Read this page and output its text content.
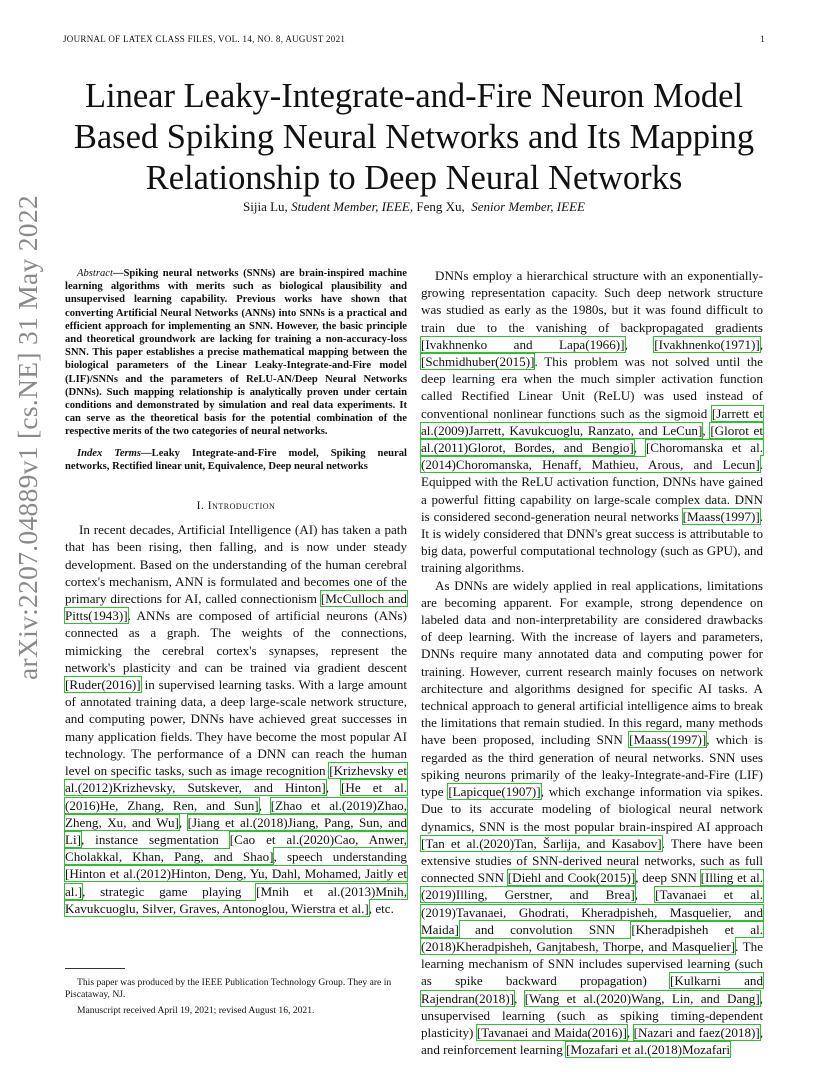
JOURNAL OF LATEX CLASS FILES, VOL. 14, NO. 8, AUGUST 2021	1
Linear Leaky-Integrate-and-Fire Neuron Model Based Spiking Neural Networks and Its Mapping Relationship to Deep Neural Networks
Sijia Lu, Student Member, IEEE, Feng Xu, Senior Member, IEEE
arXiv:2207.04889v1 [cs.NE] 31 May 2022	Abstract—Spiking neural networks (SNNs) are brain-inspired machine learning algorithms with merits such as biological plausibility and unsupervised learning capability. Previous works have shown that converting Artificial Neural Networks (ANNs) into SNNs is a practical and efficient approach for implementing an SNN. However, the basic principle and theoretical groundwork are lacking for training a non-accuracy-loss SNN. This paper establishes a precise mathematical mapping between the biological parameters of the Linear Leaky-Integrate-and-Fire model (LIF)/SNNs and the parameters of ReLU-AN/Deep Neural Networks (DNNs). Such mapping relationship is analytically proven under certain conditions and demonstrated by simulation and real data experiments. It can serve as the theoretical basis for the potential combination of the respective merits of the two categories of neural networks.

Index Terms—Leaky Integrate-and-Fire model, Spiking neural networks, Rectified linear unit, Equivalence, Deep neural networks

I. Introduction

In recent decades, Artificial Intelligence (AI) has taken a path that has been rising, then falling, and is now under steady development. Based on the understanding of the human cerebral cortex's mechanism, ANN is formulated and becomes one of the primary directions for AI, called connectionism [McCulloch and Pitts(1943)]. ANNs are composed of artificial neurons (ANs) connected as a graph. The weights of the connections, mimicking the cerebral cortex's synapses, represent the network's plasticity and can be trained via gradient descent [Ruder(2016)] in supervised learning tasks. With a large amount of annotated training data, a deep large-scale network structure, and computing power, DNNs have achieved great successes in many application fields. They have become the most popular AI technology. The performance of a DNN can reach the human level on specific tasks, such as image recognition [Krizhevsky et al.(2012)Krizhevsky, Sutskever, and Hinton], [He et al.(2016)He, Zhang, Ren, and Sun], [Zhao et al.(2019)Zhao, Zheng, Xu, and Wu], [Jiang et al.(2018)Jiang, Pang, Sun, and Li], instance segmentation [Cao et al.(2020)Cao, Anwer, Cholakkal, Khan, Pang, and Shao], speech understanding [Hinton et al.(2012)Hinton, Deng, Yu, Dahl, Mohamed, Jaitly et al.], strategic game playing [Mnih et al.(2013)Mnih, Kavukcuoglu, Silver, Graves, Antonoglou, Wierstra et al.], etc.

This paper was produced by the IEEE Publication Technology Group. They are in Piscataway, NJ.

Manuscript received April 19, 2021; revised August 16, 2021.

DNNs employ a hierarchical structure with an exponentially-growing representation capacity. Such deep network structure was studied as early as the 1980s, but it was found difficult to train due to the vanishing of backpropagated gradients [Ivakhnenko and Lapa(1966)], [Ivakhnenko(1971)], [Schmidhuber(2015)]. This problem was not solved until the deep learning era when the much simpler activation function called Rectified Linear Unit (ReLU) was used instead of conventional nonlinear functions such as the sigmoid [Jarrett et al.(2009)Jarrett, Kavukcuoglu, Ranzato, and LeCun], [Glorot et al.(2011)Glorot, Bordes, and Bengio], [Choromanska et al.(2014)Choromanska, Henaff, Mathieu, Arous, and Lecun]. Equipped with the ReLU activation function, DNNs have gained a powerful fitting capability on large-scale complex data. DNN is considered second-generation neural networks [Maass(1997)]. It is widely considered that DNN's great success is attributable to big data, powerful computational technology (such as GPU), and training algorithms.

As DNNs are widely applied in real applications, limitations are becoming apparent. For example, strong dependence on labeled data and non-interpretability are considered drawbacks of deep learning. With the increase of layers and parameters, DNNs require many annotated data and computing power for training. However, current research mainly focuses on network architecture and algorithms designed for specific AI tasks. A technical approach to general artificial intelligence aims to break the limitations that remain studied. In this regard, many methods have been proposed, including SNN [Maass(1997)], which is regarded as the third generation of neural networks. SNN uses spiking neurons primarily of the leaky-Integrate-and-Fire (LIF) type [Lapicque(1907)], which exchange information via spikes. Due to its accurate modeling of biological neural network dynamics, SNN is the most popular brain-inspired AI approach [Tan et al.(2020)Tan, Šarlija, and Kasabov]. There have been extensive studies of SNN-derived neural networks, such as full connected SNN [Diehl and Cook(2015)], deep SNN [Illing et al.(2019)Illing, Gerstner, and Brea], [Tavanaei et al.(2019)Tavanaei, Ghodrati, Kheradpisheh, Masquelier, and Maida] and convolution SNN [Kheradpisheh et al.(2018)Kheradpisheh, Ganjtabesh, Thorpe, and Masquelier]. The learning mechanism of SNN includes supervised learning (such as spike backward propagation) [Kulkarni and Rajendran(2018)], [Wang et al.(2020)Wang, Lin, and Dang], unsupervised learning (such as spiking timing-dependent plasticity) [Tavanaei and Maida(2016)], [Nazari and faez(2018)], and reinforcement learning [Mozafari et al.(2018)Mozafari
